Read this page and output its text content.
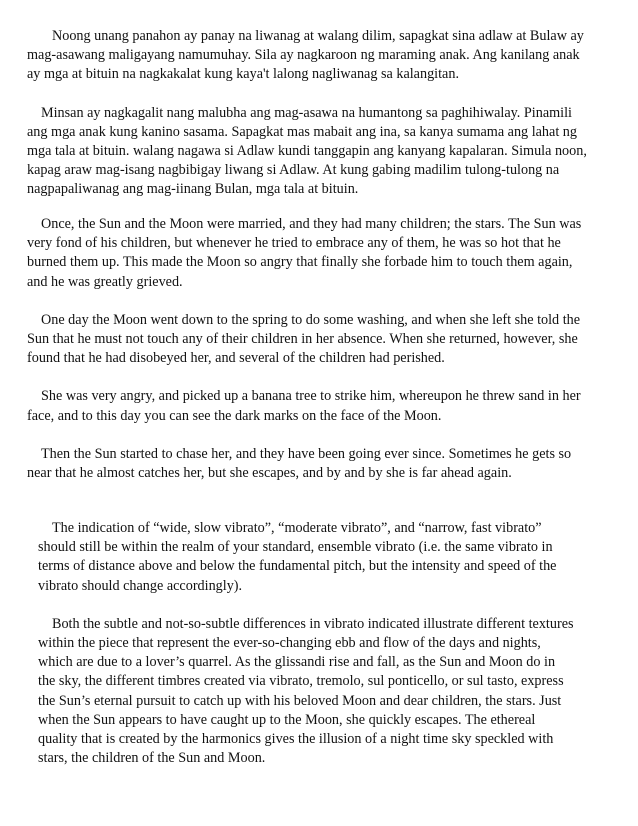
Noong unang panahon ay panay na liwanag at walang dilim, sapagkat sina adlaw at Bulaw ay

mag-asawang maligayang namumuhay. Sila ay nagkaroon ng maraming anak. Ang kanilang anak
ay mga at bituin na nagkakalat kung kaya't lalong nagliwanag sa kalangitan.

Minsan ay nagkagalit nang malubha ang mag-asawa na humantong sa paghihiwalay. Pinamili
ang mga anak kung kanino sasama. Sapagkat mas mabait ang ina, sa kanya sumama ang lahat ng
mga tala at bituin. walang nagawa si Adlaw kundi tanggapin ang kanyang kapalaran. Simula noon,
kapag araw mag-isang nagbibigay liwang si Adlaw. At kung gabing madilim tulong-tulong na
nagpapaliwanag ang mag-iinang Bulan, mga tala at bituin.

Once, the Sun and the Moon were married, and they had many children; the stars. The Sun was
very fond of his children, but whenever he tried to embrace any of them, he was so hot that he
burned them up. This made the Moon so angry that finally she forbade him to touch them again,
and he was greatly grieved.

One day the Moon went down to the spring to do some washing, and when she left she told the
Sun that he must not touch any of their children in her absence. When she returned, however, she
found that he had disobeyed her, and several of the children had perished.

She was very angry, and picked up a banana tree to strike him, whereupon he threw sand in her
face, and to this day you can see the dark marks on the face of the Moon.

Then the Sun started to chase her, and they have been going ever since. Sometimes he gets so
near that he almost catches her, but she escapes, and by and by she is far ahead again.

The indication of “wide, slow vibrato”, “moderate vibrato”, and “narrow, fast vibrato”
should still be within the realm of your standard, ensemble vibrato (i.e. the same vibrato in
terms of distance above and below the fundamental pitch, but the intensity and speed of the
vibrato should change accordingly).

Both the subtle and not-so-subtle differences in vibrato indicated illustrate different textures
within the piece that represent the ever-so-changing ebb and flow of the days and nights,
which are due to a lover’s quarrel. As the glissandi rise and fall, as the Sun and Moon do in
the sky, the different timbres created via vibrato, tremolo, sul ponticello, or sul tasto, express
the Sun’s eternal pursuit to catch up with his beloved Moon and dear children, the stars. Just
when the Sun appears to have caught up to the Moon, she quickly escapes. The ethereal
quality that is created by the harmonics gives the illusion of a night time sky speckled with
stars, the children of the Sun and Moon.
